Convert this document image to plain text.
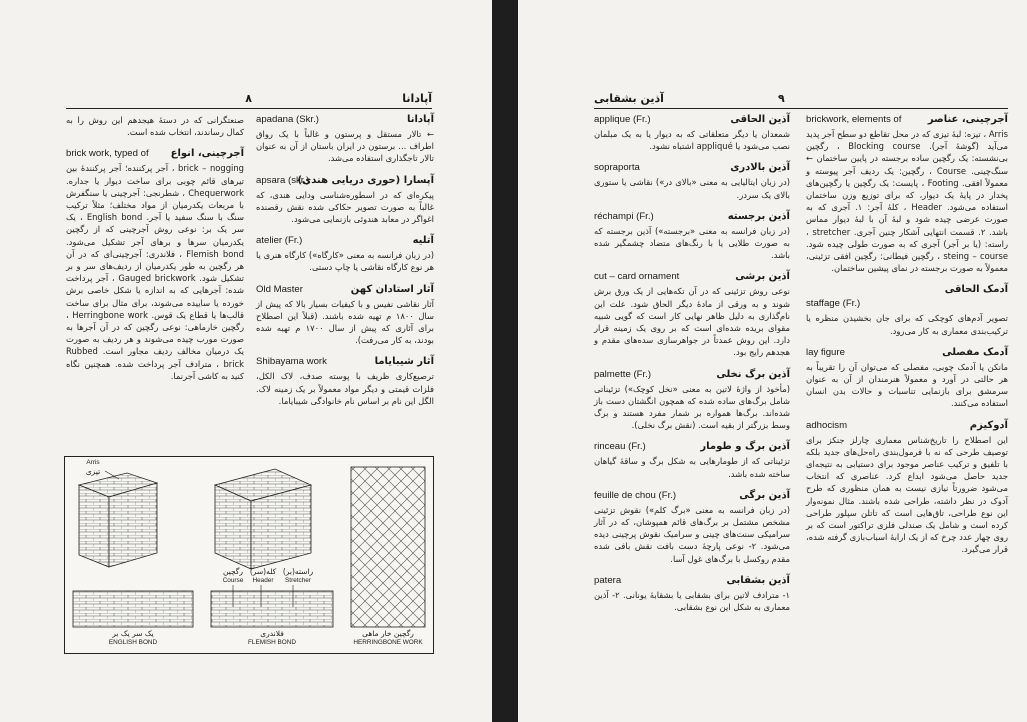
۸	آپادانا
apadana (Skr.)	آپادانا
← تالار مستقل و پرستون و غالباً با یک رواق اطراف ... برستون در ایران باستان از آن به عنوان تالار تاجگذاری استفاده می‌شد.
apsara (skr.)
آپسارا (حوری دریایی هندی)
پیکره‌ای که در اسطوره‌شناسی ودایی هندی، که غالباً به صورت تصویر حکاکی شده نقش رقصنده اغواگر در معابد هندوئی بازنمایی می‌شود.
atelier (Fr.)	آتلیه
(در زبان فرانسه به معنی «کارگاه») کارگاه هنری یا هر نوع کارگاه نقاشی یا چاپ دستی.
Old Master	آثار استادان کهن
آثار نقاشی نفیس و با کیفیات بسیار بالا که پیش از سال ۱۸۰۰ م تهیه شده باشند. (قبلاً این اصطلاح برای آثاری که پیش از سال ۱۷۰۰ م تهیه شده بودند، به کار می‌رفت).
Shibayama work	آثار شیبایاما
ترصیع‌کاری ظریف با پوسته صدف، لاک الکل، فلزات قیمتی و دیگر مواد معمولاً بر یک زمینه لاک. الگل این نام بر اساس نام خانوادگی شیبایاما.
صنعتگرانی که در دستهٔ هیجدهم این روش را به کمال رساندند، انتخاب شده است.
brick work, typed of آجرچینی، انواع
brick – nogging ، آجر پرکننده؛ آجر پرکنندهٔ بین تیرهای قائم چوبی برای ساخت دیوار یا جداره. Chequerwork ، شطرنجی: آجرچینی یا سنگفرش با مربعات یکدرمیان از مواد مختلف؛ مثلاً ترکیب سنگ با سنگ سفید یا آجر. English bond ، یک سر یک بر: نوعی روش آجرچینی که از رگچین یکدرمیان سرها و برهای آجر تشکیل می‌شود. Flemish bond ، فلاندری: آجرچینی‌ای که در آن هر رگچین به طور یکدرمیان از ردیف‌های سر و بر تشکیل شود. Gauged brickwork ، آجر پرداخت شده: آجرهایی که به اندازه یا شکل خاصی برش خورده یا ساییده می‌شوند، برای مثال برای ساخت قالب‌ها یا قطاع یک قوس. Herringbone work ، رگچین خارماهی: نوعی رگچین که در آن آجرها به صورت مورب چیده می‌شوند و هر ردیف به صورت یک درمیان مخالف ردیف مجاور است. Rubbed brick ، مترادف آجر پرداخت شده. همچنین نگاه کنید به کاشی آجرنما.
Arris
تیزی
رگچین
Course
کله(سر)
Header
راسته(بر)
Stretcher
یک سر یک بر
ENGLISH BOND
فلاندری
FLEMISH BOND
رگچین خار ماهی
HERRINGBONE WORK
۹
آذین بشقابی
brickwork, elements of	آجرچینی، عناصر
Arris ، تیزه: لبهٔ تیزی که در محل تقاطع دو سطح آجر پدید می‌آید (گوشهٔ آجر). Blocking course ، رگچین بی‌نشسته: یک رگچین ساده برجسته در پایین ساختمان ← سنگ‌چینی. Course ، رگچین: یک ردیف آجر پیوسته و معمولاً افقی. Footing ، پایست: یک رگچین یا رگچین‌های پخدار در پایهٔ یک دیوار، که برای توزیع وزن ساختمان استفاده می‌شود. Header ، کلهٔ آجر: ۱. آجری که به صورت عرضی چیده شود و لبهٔ آن با لبهٔ دیوار مماس باشد. ۲. قسمت انتهایی آشکار چنین آجری. stretcher ، راسته: (یا بر آجر) آجری که به صورت طولی چیده شود. steing – course ، رگچین فیطانی: رگچین افقی تزئینی، معمولاً به صورت برجسته در نمای پیشین ساختمان.
آدمک الحاقی
staffage (Fr.)
تصویر آدم‌های کوچکی که برای جان بخشیدن منظره یا ترکیب‌بندی معماری به کار می‌رود.
lay figure	آدمک مفصلی
مانکن یا آدمک چوبی، مفصلی که می‌توان آن را تقریباً به هر حالتی در آورد و معمولاً هنرمندان از آن به عنوان سرمشق برای بازنمایی تناسبات و حالات بدن انسان استفاده می‌کنند.
adhocism	آدوکیزم
این اصطلاح را تاریخ‌شناس معماری چارلز جنکز برای توصیف طرحی که نه با فرمول‌بندی راه‌حل‌های جدید بلکه با تلفیق و ترکیب عناصر موجود برای دستیابی به نتیجه‌ای جدید حاصل می‌شود ابداع کرد. عناصری که انتخاب می‌شود ضرورتاً نیازی نیست به همان منظوری که طرح آدوک در نظر داشته، طراحی شده باشند. مثال نمونه‌وار این نوع طراحی، تاق‌هایی است که تاتلن سپلور طراحی کرده است و شامل یک صندلی فلزی تراکتور است که بر روی چهار عدد چرخ که از یک ارابهٔ اسباب‌بازی گرفته شده، قرار می‌گیرد.
applique (Fr.)	آذین الحاقی
شمعدان یا دیگر متعلقاتی که به دیوار یا به یک مبلمان نصب می‌شود یا appliqué اشتباه نشود.
sopraporta	آذین بالادری
(در زبان ایتالیایی به معنی «بالای در») نقاشی یا ستوری بالای یک سردر.
réchampi (Fr.)	آذین برجسته
(در زبان فرانسه به معنی «برجسته») آذین برجسته که به صورت طلایی یا با رنگ‌های متضاد چشمگیر شده باشد.
cut – card ornament	آذین برشی
نوعی روش تزئینی که در آن تکه‌هایی از یک ورق برش شوند و به ورقی از مادهٔ دیگر الحاق شود. علت این نام‌گذاری به دلیل ظاهر نهایی کار است که گویی شبیه مقوای بریده شده‌ای است که بر روی یک زمینه قرار دارد. این روش عمدتاً در جواهرسازی سده‌های مقدم و هجدهم رایج بود.
palmette (Fr.)	آذین برگ نخلی
(مأخوذ از واژهٔ لاتین به معنی «نخل کوچک») تزئیناتی شامل برگ‌های ساده شده که همچون انگشتان دست باز شده‌اند. برگ‌ها همواره بر شمار مفرد هستند و برگ وسط بزرگتر از بقیه است. (نقش برگ نخلی).
rinceau (Fr.)	آذین برگ و طومار
تزئیناتی که از طومارهایی به شکل برگ و ساقهٔ گیاهان ساخته شده باشد.
feuille de chou (Fr.)	آذین برگی
(در زبان فرانسه به معنی «برگ کلم») نقوش تزئینی مشخص مشتمل بر برگ‌های قائم همپوشان، که در آثار سرامیکی سنت‌های چینی و سرامیک نقوش پرچینی دیده می‌شود. ۲- نوعی پارچهٔ دست بافت نقش بافی شده مقدم روکسل با برگ‌های غول آسا.
patera	آذین بشقابی
۱- مترادف لاتین برای بشقابی یا بشقابهٔ یونانی. ۲- آذین معماری به شکل این نوع بشقابی.
